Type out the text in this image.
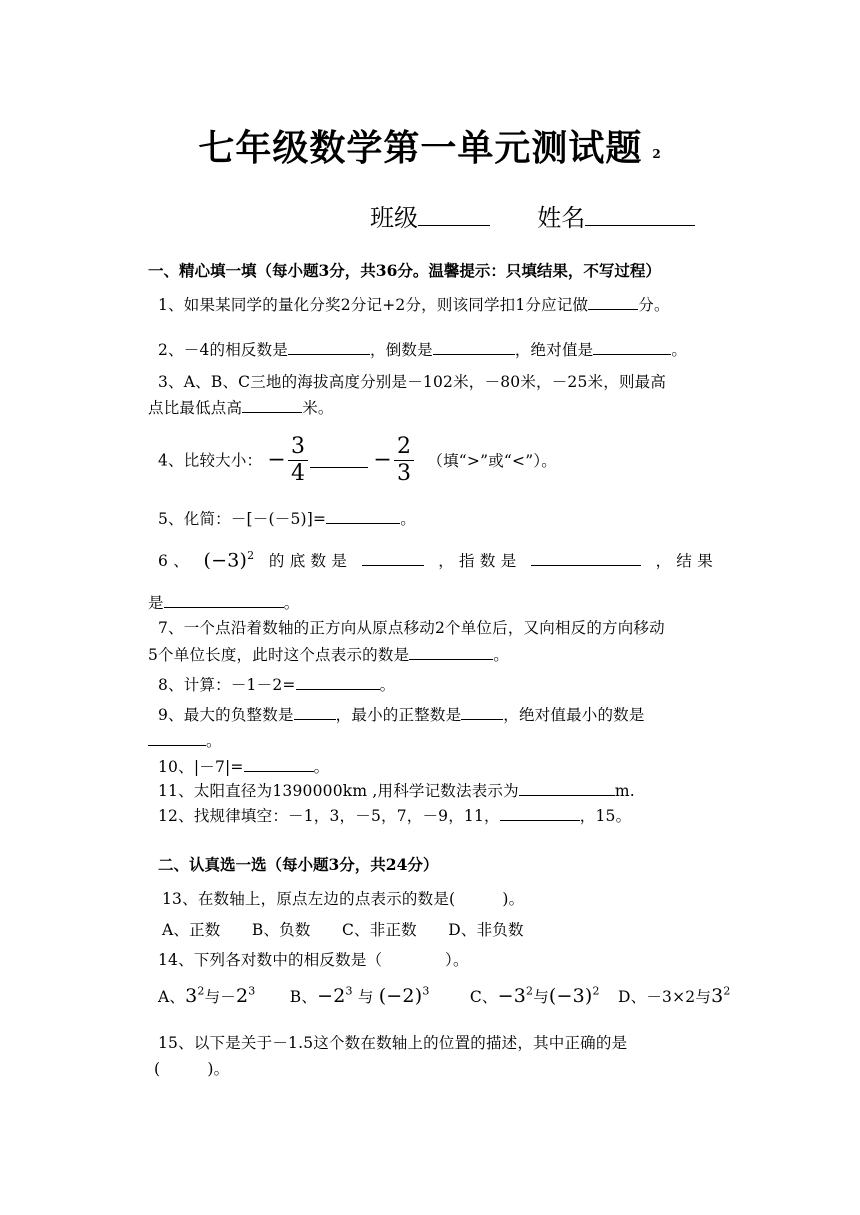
七年级数学第一单元测试题 $^2$
班级	姓名
一、精心填一填（每小题3分，共36分。温馨提示：只填结果，不写过程）
1、如果某同学的量化分奖2分记+2分，则该同学扣1分应记做	分。
2、－4的相反数是	，倒数是	，绝对值是	。
3、A、B、C三地的海拔高度分别是－102米，－80米，－25米，则最高
点比最低点高	米。
4、比较大小： − $\frac{3}{4}$	− $\frac{2}{3}$ （填“>”或“<”）。
5、化简：－[－(－5)]=	。
6 、 $(-3)^2$ 的 底 数 是	， 指 数 是	， 结 果
是	。
7、一个点沿着数轴的正方向从原点移动2个单位后，又向相反的方向移动
5个单位长度，此时这个点表示的数是	。
8、计算：－1－2=	。
9、最大的负整数是	，最小的正整数是	，绝对值最小的数是
。
10、|－7|=	。
11、太阳直径为1390000km ,用科学记数法表示为	m.
12、找规律填空：－1，3，－5，7，－9，11，	，15。
二、认真选一选（每小题3分，共24分）
13、在数轴上，原点左边的点表示的数是(　　　)。
A、正数　　B、负数　　C、非正数　　D、非负数
14、下列各对数中的相反数是（　　　　）。
A、$3^2$与$-2^3$ B、$-2^3$ 与 $(-2)^3$	C、$-3^2$与$(-3)^2$ D、－3×2与$3^2$
15、以下是关于－1.5这个数在数轴上的位置的描述，其中正确的是
(　　　)。
